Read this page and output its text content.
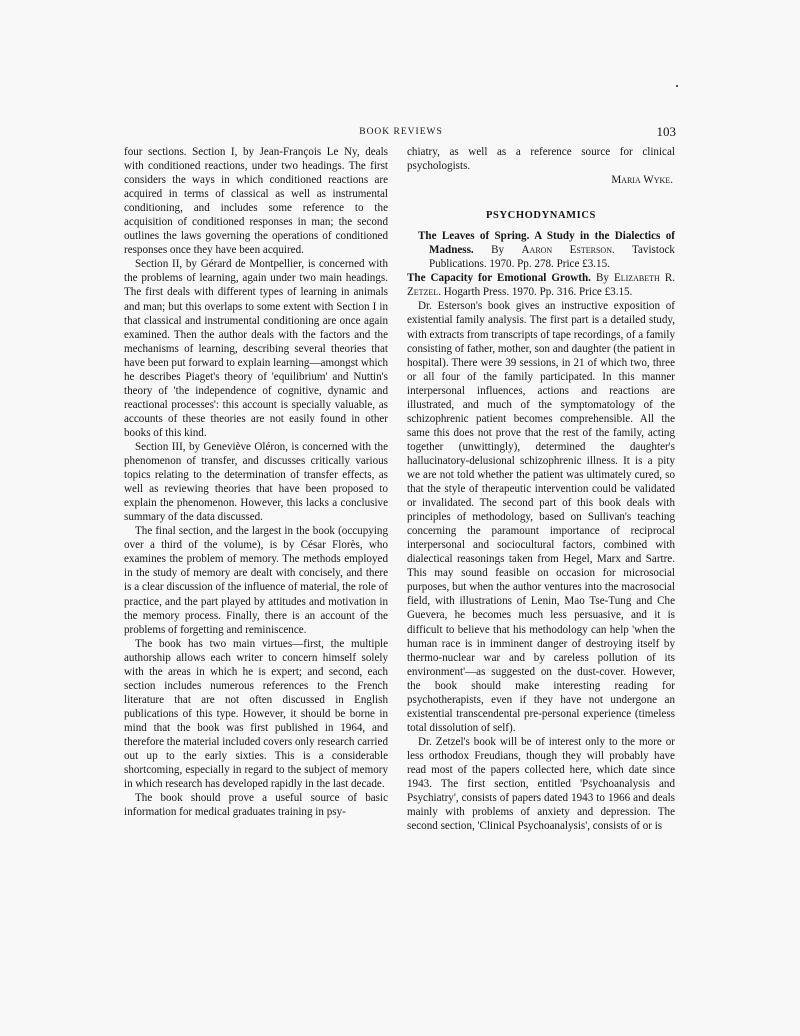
BOOK REVIEWS	103

four sections. Section I, by Jean-François Le Ny, deals with conditioned reactions, under two headings. The first considers the ways in which conditioned reactions are acquired in terms of classical as well as instrumental conditioning, and includes some reference to the acquisition of conditioned responses in man; the second outlines the laws governing the operations of conditioned responses once they have been acquired.

Section II, by Gérard de Montpellier, is concerned with the problems of learning, again under two main headings. The first deals with different types of learning in animals and man; but this overlaps to some extent with Section I in that classical and instrumental conditioning are once again examined. Then the author deals with the factors and the mechanisms of learning, describing several theories that have been put forward to explain learning—amongst which he describes Piaget's theory of 'equilibrium' and Nuttin's theory of 'the independence of cognitive, dynamic and reactional processes': this account is specially valuable, as accounts of these theories are not easily found in other books of this kind.

Section III, by Geneviève Oléron, is concerned with the phenomenon of transfer, and discusses critically various topics relating to the determination of transfer effects, as well as reviewing theories that have been proposed to explain the phenomenon. However, this lacks a conclusive summary of the data discussed.

The final section, and the largest in the book (occupying over a third of the volume), is by César Florès, who examines the problem of memory. The methods employed in the study of memory are dealt with concisely, and there is a clear discussion of the influence of material, the role of practice, and the part played by attitudes and motivation in the memory process. Finally, there is an account of the problems of forgetting and reminiscence.

The book has two main virtues—first, the multiple authorship allows each writer to concern himself solely with the areas in which he is expert; and second, each section includes numerous references to the French literature that are not often discussed in English publications of this type. However, it should be borne in mind that the book was first published in 1964, and therefore the material included covers only research carried out up to the early sixties. This is a considerable shortcoming, especially in regard to the subject of memory in which research has developed rapidly in the last decade.

The book should prove a useful source of basic information for medical graduates training in psy-

chiatry, as well as a reference source for clinical psychologists.

Maria Wyke.

PSYCHODYNAMICS

The Leaves of Spring. A Study in the Dialectics of Madness. By Aaron Esterson. Tavistock Publications. 1970. Pp. 278. Price £3.15.

The Capacity for Emotional Growth. By Elizabeth R. Zetzel. Hogarth Press. 1970. Pp. 316. Price £3.15.

Dr. Esterson's book gives an instructive exposition of existential family analysis. The first part is a detailed study, with extracts from transcripts of tape recordings, of a family consisting of father, mother, son and daughter (the patient in hospital). There were 39 sessions, in 21 of which two, three or all four of the family participated. In this manner interpersonal influences, actions and reactions are illustrated, and much of the symptomatology of the schizophrenic patient becomes comprehensible. All the same this does not prove that the rest of the family, acting together (unwittingly), determined the daughter's hallucinatory-delusional schizophrenic illness. It is a pity we are not told whether the patient was ultimately cured, so that the style of therapeutic intervention could be validated or invalidated. The second part of this book deals with principles of methodology, based on Sullivan's teaching concerning the paramount importance of reciprocal interpersonal and sociocultural factors, combined with dialectical reasonings taken from Hegel, Marx and Sartre. This may sound feasible on occasion for microsocial purposes, but when the author ventures into the macrosocial field, with illustrations of Lenin, Mao Tse-Tung and Che Guevera, he becomes much less persuasive, and it is difficult to believe that his methodology can help 'when the human race is in imminent danger of destroying itself by thermo-nuclear war and by careless pollution of its environment'—as suggested on the dust-cover. However, the book should make interesting reading for psychotherapists, even if they have not undergone an existential transcendental pre-personal experience (timeless total dissolution of self).

Dr. Zetzel's book will be of interest only to the more or less orthodox Freudians, though they will probably have read most of the papers collected here, which date since 1943. The first section, entitled 'Psychoanalysis and Psychiatry', consists of papers dated 1943 to 1966 and deals mainly with problems of anxiety and depression. The second section, 'Clinical Psychoanalysis', consists of or is
